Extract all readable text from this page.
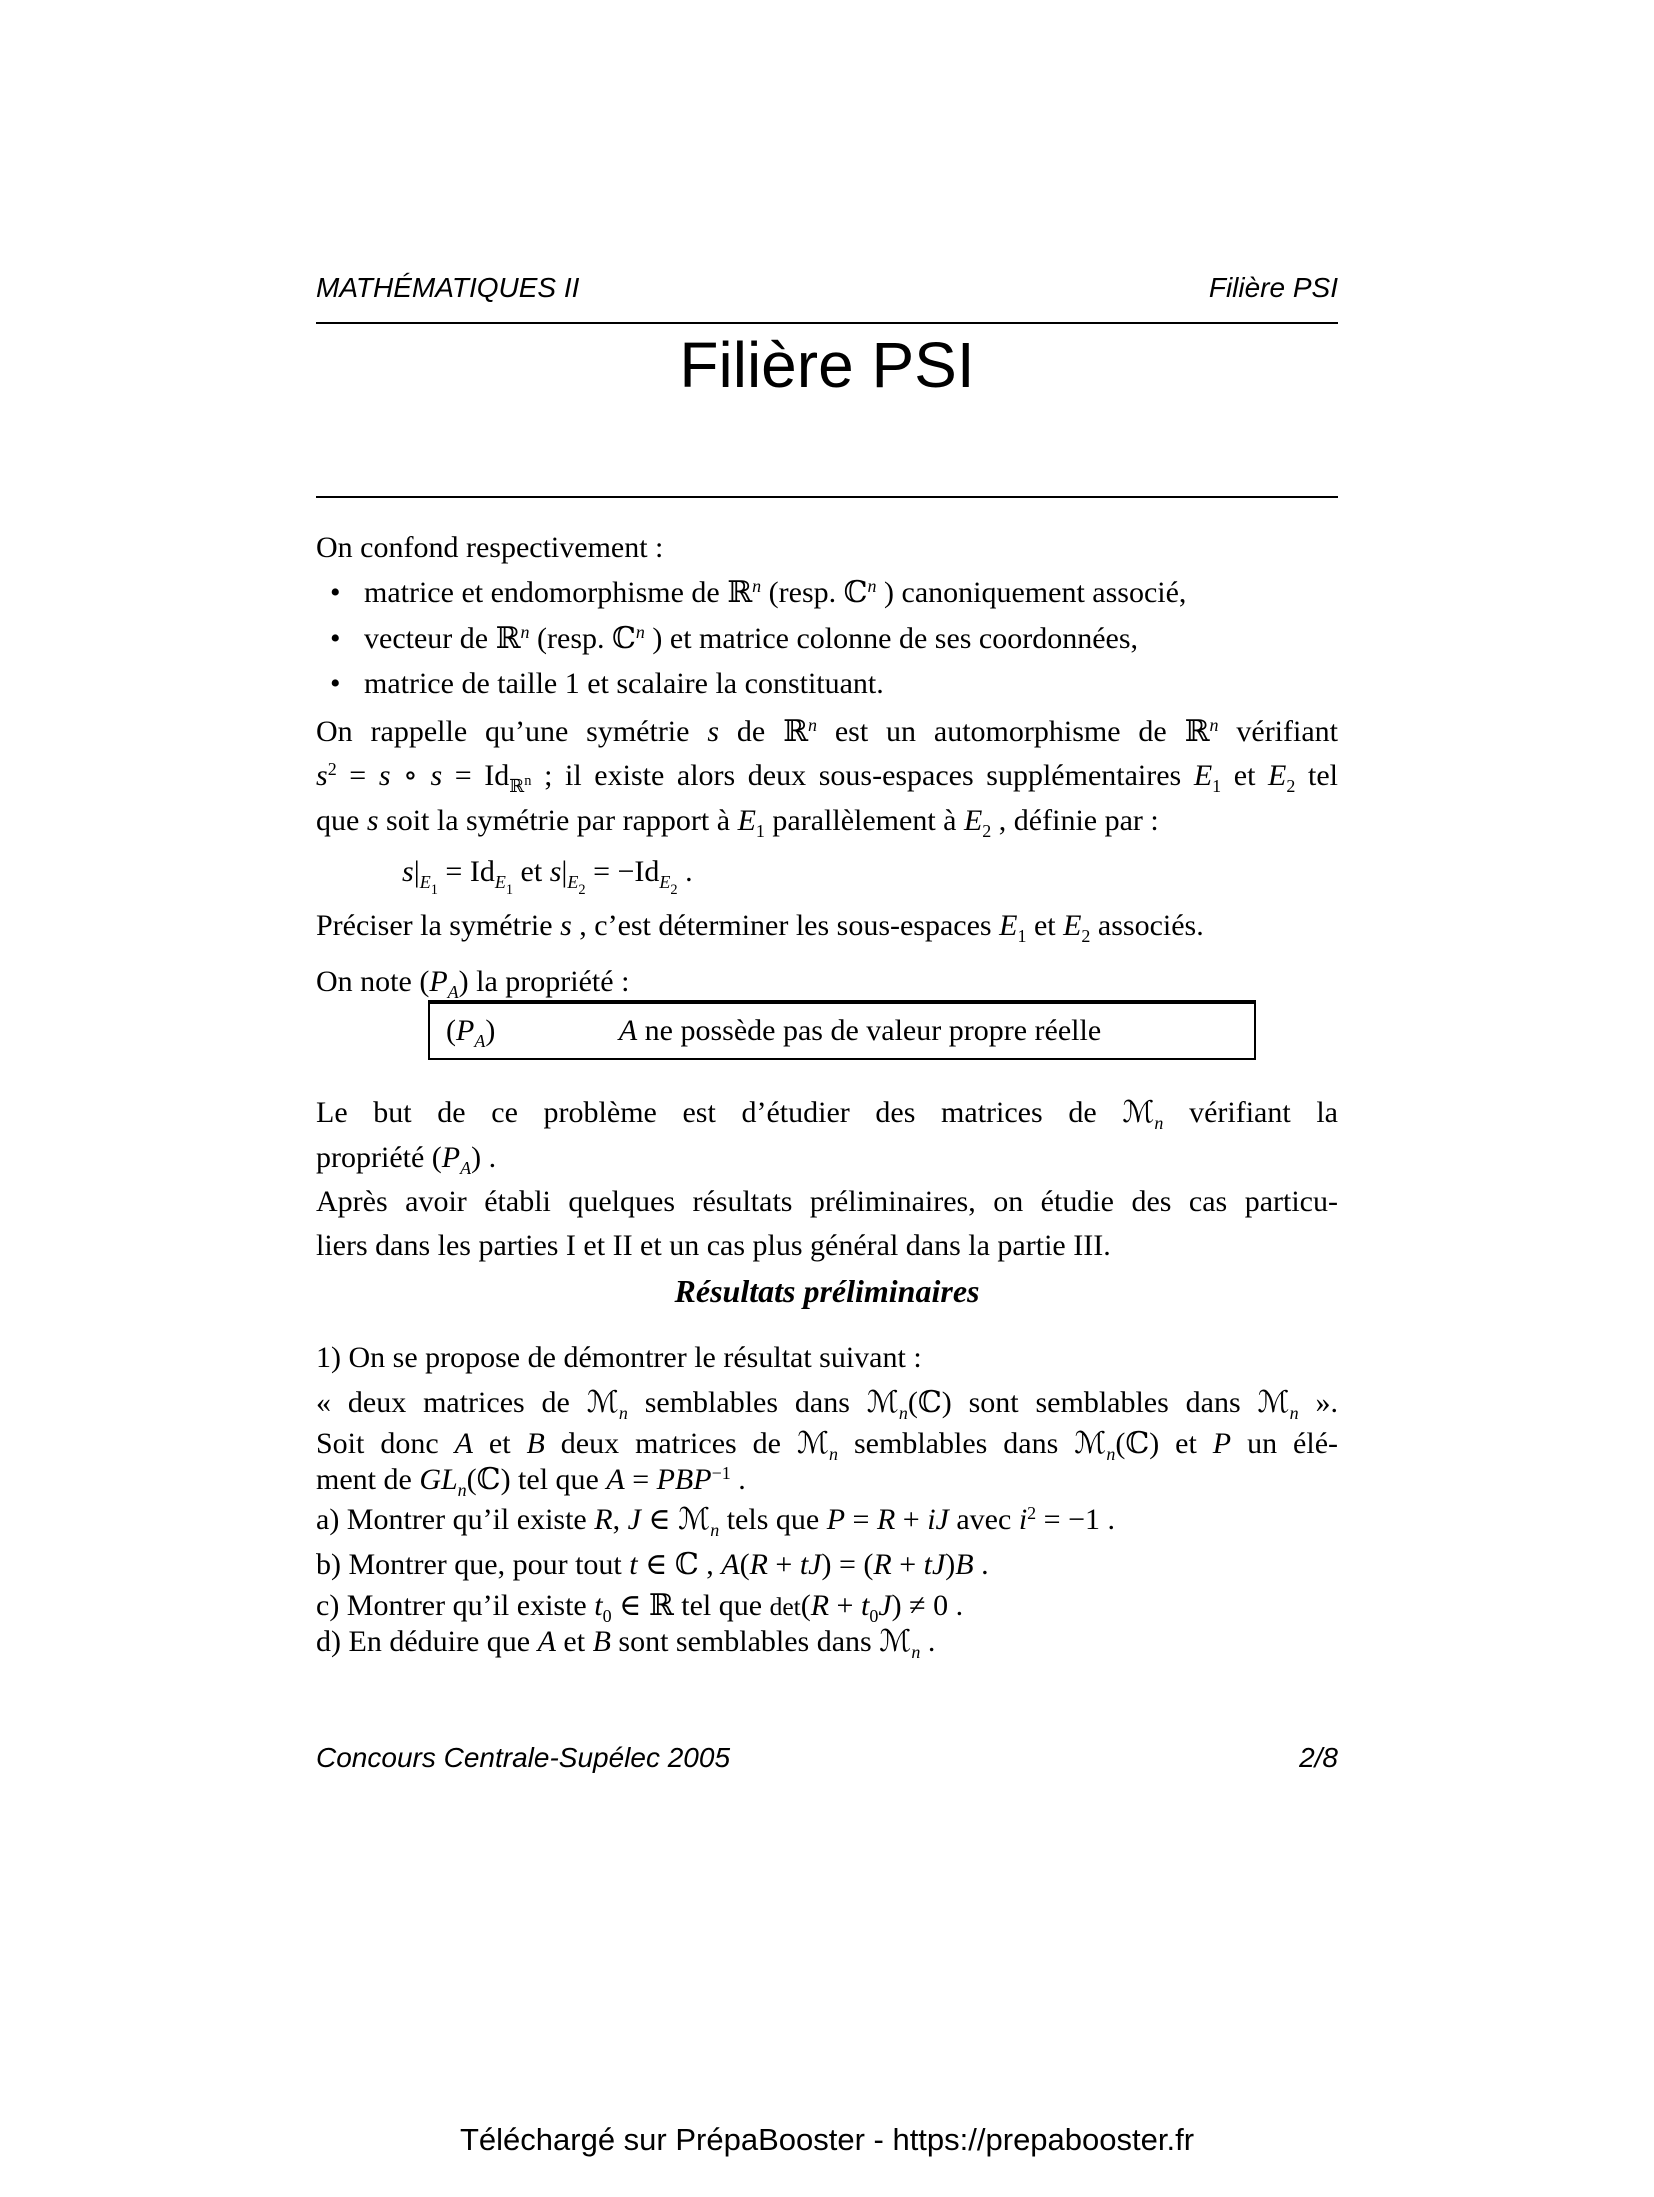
MATHÉMATIQUES II	Filière PSI
Filière PSI
On confond respectivement :
• matrice et endomorphisme de ℝ$^n$ (resp. ℂ$^n$ ) canoniquement associé,
• vecteur de ℝ$^n$ (resp. ℂ$^n$ ) et matrice colonne de ses coordonnées,
• matrice de taille 1 et scalaire la constituant.
On rappelle qu’une symétrie s de ℝ$^n$ est un automorphisme de ℝ$^n$ vérifiant
$s^2 = s$ ∘ $s = Id_{ℝ^n}$ ; il existe alors deux sous-espaces supplémentaires $E_1$ et $E_2$ tel
que s soit la symétrie par rapport à $E_1$ parallèlement à $E_2$ , définie par :
$s|_{E_1} = Id_{E_1}$ et $s|_{E_2} = -Id_{E_2}$ .
Préciser la symétrie s , c’est déterminer les sous-espaces $E_1$ et $E_2$ associés.
On note $(P_A)$ la propriété :
$(P_A)$	A ne possède pas de valeur propre réelle
Le but de ce problème est d’étudier des matrices de ℳ$_n$ vérifiant la
propriété $(P_A)$ .
Après avoir établi quelques résultats préliminaires, on étudie des cas particu-
liers dans les parties I et II et un cas plus général dans la partie III.
Résultats préliminaires
1) On se propose de démontrer le résultat suivant :
« deux matrices de ℳ$_n$ semblables dans ℳ$_n$(ℂ) sont semblables dans ℳ$_n$ ».
Soit donc A et B deux matrices de ℳ$_n$ semblables dans ℳ$_n$(ℂ) et P un élé-
ment de $GL_n(ℂ)$ tel que $A = PBP^{-1}$ .
a) Montrer qu’il existe R, J ∈ ℳ$_n$ tels que P = R + iJ avec $i^2 = -1$ .
b) Montrer que, pour tout t ∈ ℂ , A(R + tJ) = (R + tJ)B .
c) Montrer qu’il existe $t_0$ ∈ ℝ tel que $\det(R + t_0J) \ne 0$ .
d) En déduire que A et B sont semblables dans ℳ$_n$ .
Concours Centrale-Supélec 2005	2/8
Téléchargé sur PrépaBooster - https://prepabooster.fr
